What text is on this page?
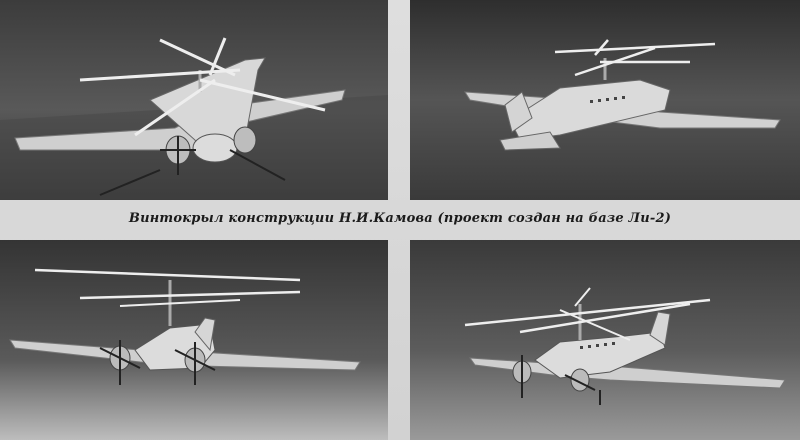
Винтокрыл конструкции Н.И.Камова (проект создан на базе Ли-2)
